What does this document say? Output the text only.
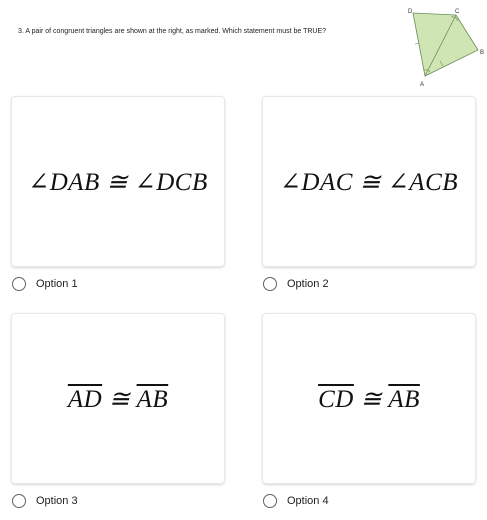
3. A pair of congruent triangles are shown at the right, as marked. Which statement must be TRUE?
D	C
B
A
∠DAB ≅ ∠DCB
Option 1
∠DAC ≅ ∠ACB
Option 2
$\overline{AD}$ ≅ $\overline{AB}$
Option 3
$\overline{CD}$ ≅ $\overline{AB}$
Option 4
